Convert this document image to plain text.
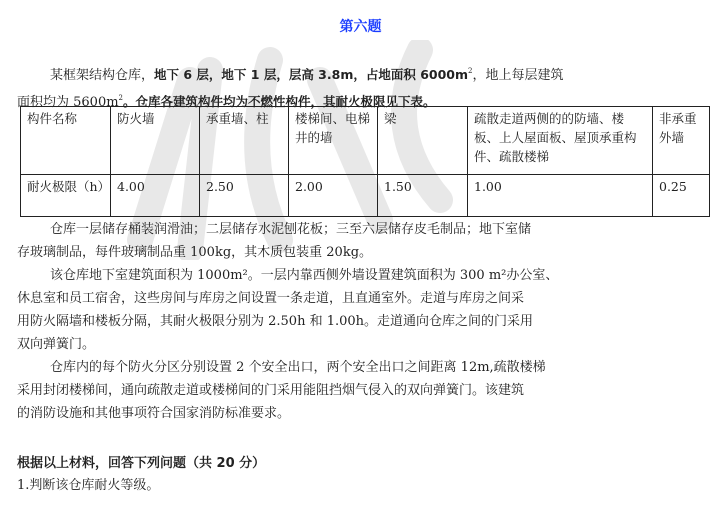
第六题
某框架结构仓库，地下 6 层，地下 1 层，层高 3.8m，占地面积 $6000m^2$，地上每层建筑
面积均为 $5600m^2$。仓库各建筑构件均为不燃性构件，其耐火极限见下表。
构件名称	防火墙	承重墙、柱	楼梯间、电梯井的墙	梁	疏散走道两侧的的防墙、楼板、上人屋面板、屋顶承重构件、疏散楼梯	非承重外墙
耐火极限（h）	4.00	2.50	2.00	1.50	1.00	0.25
仓库一层储存桶装润滑油；二层储存水泥刨花板；三至六层储存皮毛制品；地下室储
存玻璃制品，每件玻璃制品重 100kg，其木质包装重 20kg。
该仓库地下室建筑面积为 1000m²。一层内靠西侧外墙设置建筑面积为 300 m²办公室、
休息室和员工宿舍，这些房间与库房之间设置一条走道，且直通室外。走道与库房之间采
用防火隔墙和楼板分隔，其耐火极限分别为 2.50h 和 1.00h。走道通向仓库之间的门采用
双向弹簧门。
仓库内的每个防火分区分别设置 2 个安全出口，两个安全出口之间距离 12m,疏散楼梯
采用封闭楼梯间，通向疏散走道或楼梯间的门采用能阻挡烟气侵入的双向弹簧门。该建筑
的消防设施和其他事项符合国家消防标准要求。
根据以上材料，回答下列问题（共 20 分）
1.判断该仓库耐火等级。
